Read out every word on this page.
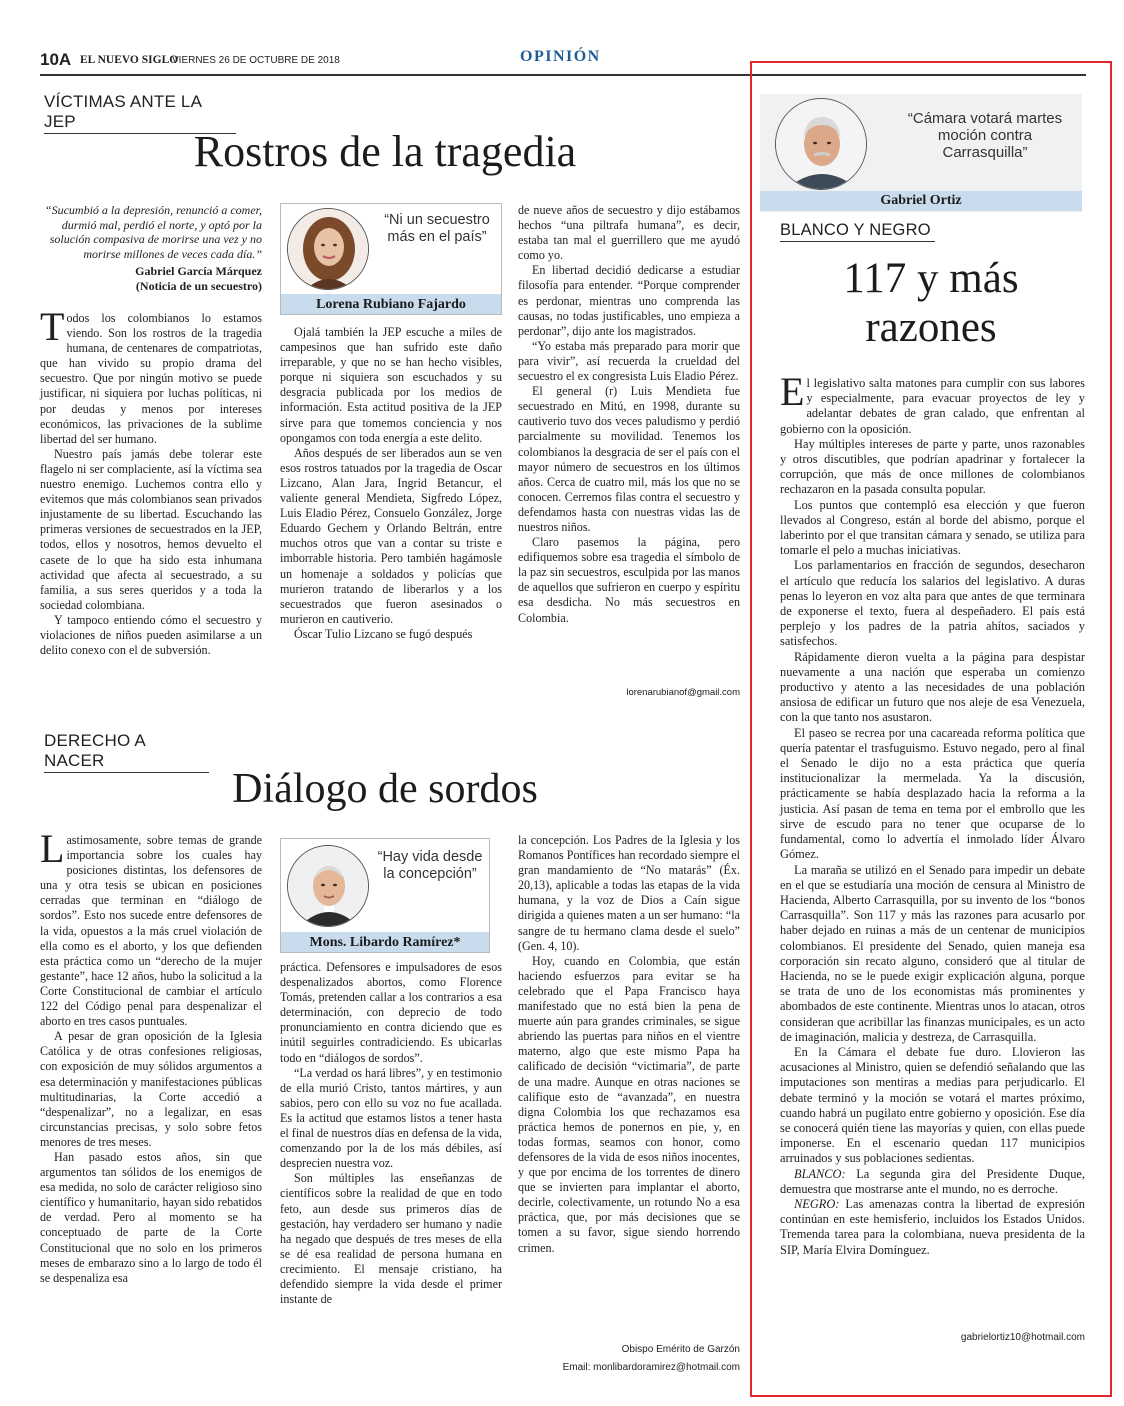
10A EL NUEVO SIGLO
VIERNES 26 DE OCTUBRE DE 2018	OPINIÓN
VÍCTIMAS ANTE LA JEP
Rostros de la tragedia
“Sucumbió a la depresión, renunció a comer, durmió mal, perdió el norte, y optó por la solución compasiva de morirse una vez y no morirse millones de veces cada día.”
Gabriel García Márquez
(Noticia de un secuestro)

Todos los colombianos lo estamos viendo. Son los rostros de la tragedia humana, de centenares de compatriotas, que han vivido su propio drama del secuestro. Que por ningún motivo se puede justificar, ni siquiera por luchas políticas, ni por deudas y menos por intereses económicos, las privaciones de la sublime libertad del ser humano.

Nuestro país jamás debe tolerar este flagelo ni ser complaciente, así la víctima sea nuestro enemigo. Luchemos contra ello y evitemos que más colombianos sean privados injustamente de su libertad. Escuchando las primeras versiones de secuestrados en la JEP, todos, ellos y nosotros, hemos devuelto el casete de lo que ha sido esta inhumana actividad que afecta al secuestrado, a su familia, a sus seres queridos y a toda la sociedad colombiana.

Y tampoco entiendo cómo el secuestro y violaciones de niños pueden asimilarse a un delito conexo con el de subversión.

“Ni un secuestro más en el país”
Lorena Rubiano Fajardo

Ojalá también la JEP escuche a miles de campesinos que han sufrido este daño irreparable, y que no se han hecho visibles, porque ni siquiera son escuchados y su desgracia publicada por los medios de información. Esta actitud positiva de la JEP sirve para que tomemos conciencia y nos opongamos con toda energía a este delito.

Años después de ser liberados aun se ven esos rostros tatuados por la tragedia de Oscar Lizcano, Alan Jara, Ingrid Betancur, el valiente general Mendieta, Sigfredo López, Luis Eladio Pérez, Consuelo González, Jorge Eduardo Gechem y Orlando Beltrán, entre muchos otros que van a contar su triste e imborrable historia. Pero también hagámosle un homenaje a soldados y policías que murieron tratando de liberarlos y a los secuestrados que fueron asesinados o murieron en cautiverio.

Óscar Tulio Lizcano se fugó después

de nueve años de secuestro y dijo estábamos hechos “una piltrafa humana”, es decir, estaba tan mal el guerrillero que me ayudó como yo.

En libertad decidió dedicarse a estudiar filosofía para entender. “Porque comprender es perdonar, mientras uno comprenda las causas, no todas justificables, uno empieza a perdonar”, dijo ante los magistrados.

“Yo estaba más preparado para morir que para vivir”, así recuerda la crueldad del secuestro el ex congresista Luis Eladio Pérez.

El general (r) Luis Mendieta fue secuestrado en Mitú, en 1998, durante su cautiverio tuvo dos veces paludismo y perdió parcialmente su movilidad. Tenemos los colombianos la desgracia de ser el país con el mayor número de secuestros en los últimos años. Cerca de cuatro mil, más los que no se conocen. Cerremos filas contra el secuestro y defendamos hasta con nuestras vidas las de nuestros niños.

Claro pasemos la página, pero edifiquemos sobre esa tragedia el símbolo de la paz sin secuestros, esculpida por las manos de aquellos que sufrieron en cuerpo y espíritu esa desdicha. No más secuestros en Colombia.

lorenarubianof@gmail.com
DERECHO A NACER
Diálogo de sordos

Lastimosamente, sobre temas de grande importancia sobre los cuales hay posiciones distintas, los defensores de una y otra tesis se ubican en posiciones cerradas que terminan en “diálogo de sordos”. Esto nos sucede entre defensores de la vida, opuestos a la más cruel violación de ella como es el aborto, y los que defienden esta práctica como un “derecho de la mujer gestante”, hace 12 años, hubo la solicitud a la Corte Constitucional de cambiar el artículo 122 del Código penal para despenalizar el aborto en tres casos puntuales.

A pesar de gran oposición de la Iglesia Católica y de otras confesiones religiosas, con exposición de muy sólidos argumentos a esa determinación y manifestaciones públicas multitudinarias, la Corte accedió a “despenalizar”, no a legalizar, en esas circunstancias precisas, y solo sobre fetos menores de tres meses.

Han pasado estos años, sin que argumentos tan sólidos de los enemigos de esa medida, no solo de carácter religioso sino científico y humanitario, hayan sido rebatidos de verdad. Pero al momento se ha conceptuado de parte de la Corte Constitucional que no solo en los primeros meses de embarazo sino a lo largo de todo él se despenaliza esa

“Hay vida desde la concepción”
Mons. Libardo Ramírez*

práctica. Defensores e impulsadores de esos despenalizados abortos, como Florence Tomás, pretenden callar a los contrarios a esa determinación, con deprecio de todo pronunciamiento en contra diciendo que es inútil seguirles contradiciendo. Es ubicarlas todo en “diálogos de sordos”.

“La verdad os hará libres”, y en testimonio de ella murió Cristo, tantos mártires, y aun sabios, pero con ello su voz no fue acallada. Es la actitud que estamos listos a tener hasta el final de nuestros días en defensa de la vida, comenzando por la de los más débiles, así desprecien nuestra voz.

Son múltiples las enseñanzas de científicos sobre la realidad de que en todo feto, aun desde sus primeros días de gestación, hay verdadero ser humano y nadie ha negado que después de tres meses de ella se dé esa realidad de persona humana en crecimiento. El mensaje cristiano, ha defendido siempre la vida desde el primer instante de

la concepción. Los Padres de la Iglesia y los Romanos Pontífices han recordado siempre el gran mandamiento de “No matarás” (Éx. 20,13), aplicable a todas las etapas de la vida humana, y la voz de Dios a Caín sigue dirigida a quienes maten a un ser humano: “la sangre de tu hermano clama desde el suelo” (Gen. 4, 10).

Hoy, cuando en Colombia, que están haciendo esfuerzos para evitar se ha celebrado que el Papa Francisco haya manifestado que no está bien la pena de muerte aún para grandes criminales, se sigue abriendo las puertas para niños en el vientre materno, algo que este mismo Papa ha calificado de decisión “victimaria”, de parte de una madre. Aunque en otras naciones se califique esto de “avanzada”, en nuestra digna Colombia los que rechazamos esa práctica hemos de ponernos en pie, y, en todas formas, seamos con honor, como defensores de la vida de esos niños inocentes, y que por encima de los torrentes de dinero que se invierten para implantar el aborto, decirle, colectivamente, un rotundo No a esa práctica, que, por más decisiones que se tomen a su favor, sigue siendo horrendo crimen.

Obispo Emérito de Garzón
Email: monlibardoramirez@hotmail.com
“Cámara votará martes moción contra Carrasquilla”
Gabriel Ortiz
BLANCO Y NEGRO
117 y más
razones

El legislativo salta matones para cumplir con sus labores y especialmente, para evacuar proyectos de ley y adelantar debates de gran calado, que enfrentan al gobierno con la oposición.

Hay múltiples intereses de parte y parte, unos razonables y otros discutibles, que podrían apadrinar y fortalecer la corrupción, que más de once millones de colombianos rechazaron en la pasada consulta popular.

Los puntos que contempló esa elección y que fueron llevados al Congreso, están al borde del abismo, porque el laberinto por el que transitan cámara y senado, se utiliza para tomarle el pelo a muchas iniciativas.

Los parlamentarios en fracción de segundos, desecharon el artículo que reducía los salarios del legislativo. A duras penas lo leyeron en voz alta para que antes de que terminara de exponerse el texto, fuera al despeñadero. El país está perplejo y los padres de la patria ahítos, saciados y satisfechos.

Rápidamente dieron vuelta a la página para despistar nuevamente a una nación que esperaba un comienzo productivo y atento a las necesidades de una población ansiosa de edificar un futuro que nos aleje de esa Venezuela, con la que tanto nos asustaron.

El paseo se recrea por una cacareada reforma política que quería patentar el trasfuguismo. Estuvo negado, pero al final el Senado le dijo no a esta práctica que quería institucionalizar la mermelada. Ya la discusión, prácticamente se había desplazado hacia la reforma a la justicia. Así pasan de tema en tema por el embrollo que les sirve de escudo para no tener que ocuparse de lo fundamental, como lo advertía el inmolado líder Álvaro Gómez.

La maraña se utilizó en el Senado para impedir un debate en el que se estudiaría una moción de censura al Ministro de Hacienda, Alberto Carrasquilla, por su invento de los “bonos Carrasquilla”. Son 117 y más las razones para acusarlo por haber dejado en ruinas a más de un centenar de municipios colombianos. El presidente del Senado, quien maneja esa corporación sin recato alguno, consideró que al titular de Hacienda, no se le puede exigir explicación alguna, porque se trata de uno de los economistas más prominentes y abombados de este continente. Mientras unos lo atacan, otros consideran que acribillar las finanzas municipales, es un acto de imaginación, malicia y destreza, de Carrasquilla.

En la Cámara el debate fue duro. Llovieron las acusaciones al Ministro, quien se defendió señalando que las imputaciones son mentiras a medias para perjudicarlo. El debate terminó y la moción se votará el martes próximo, cuando habrá un pugilato entre gobierno y oposición. Ese día se conocerá quién tiene las mayorías y quien, con ellas puede imponerse. En el escenario quedan 117 municipios arruinados y sus poblaciones sedientas.

BLANCO: La segunda gira del Presidente Duque, demuestra que mostrarse ante el mundo, no es derroche.

NEGRO: Las amenazas contra la libertad de expresión continúan en este hemisferio, incluidos los Estados Unidos. Tremenda tarea para la colombiana, nueva presidenta de la SIP, María Elvira Domínguez.

gabrielortiz10@hotmail.com
